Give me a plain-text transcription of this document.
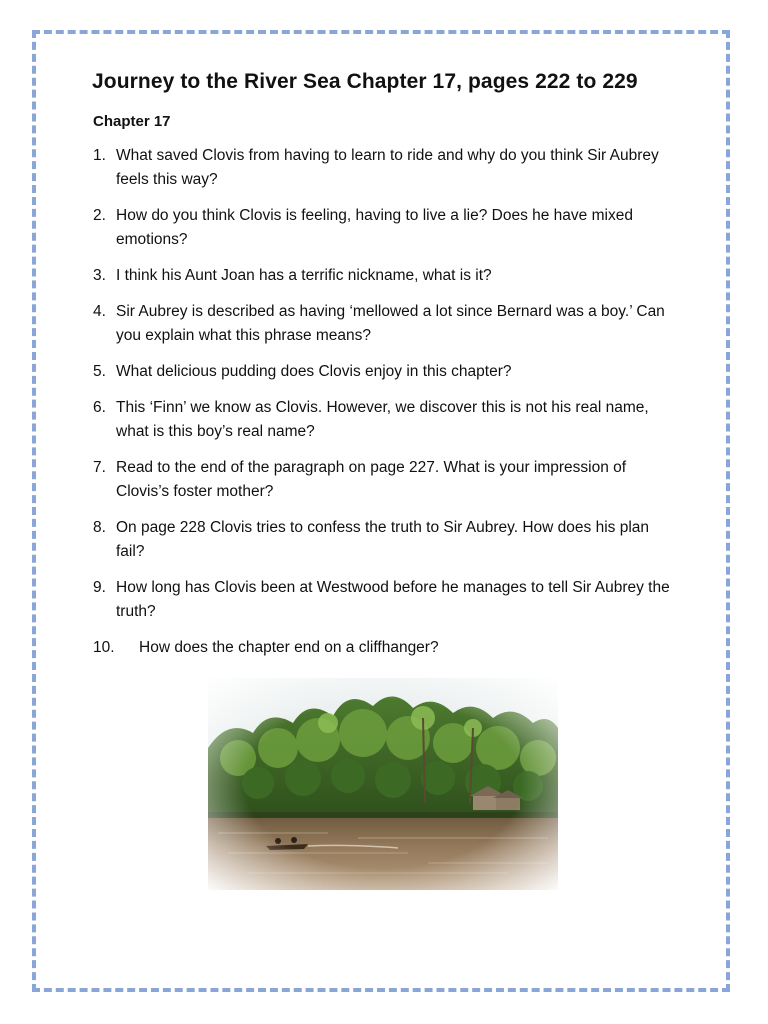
Journey to the River Sea Chapter 17, pages 222 to 229
Chapter 17
1. What saved Clovis from having to learn to ride and why do you think Sir Aubrey feels this way?
2. How do you think Clovis is feeling, having to live a lie? Does he have mixed emotions?
3. I think his Aunt Joan has a terrific nickname, what is it?
4. Sir Aubrey is described as having ‘mellowed a lot since Bernard was a boy.’ Can you explain what this phrase means?
5. What delicious pudding does Clovis enjoy in this chapter?
6. This ‘Finn’ we know as Clovis. However, we discover this is not his real name, what is this boy’s real name?
7. Read to the end of the paragraph on page 227. What is your impression of Clovis’s foster mother?
8. On page 228 Clovis tries to confess the truth to Sir Aubrey. How does his plan fail?
9. How long has Clovis been at Westwood before he manages to tell Sir Aubrey the truth?
10.	How does the chapter end on a cliffhanger?
